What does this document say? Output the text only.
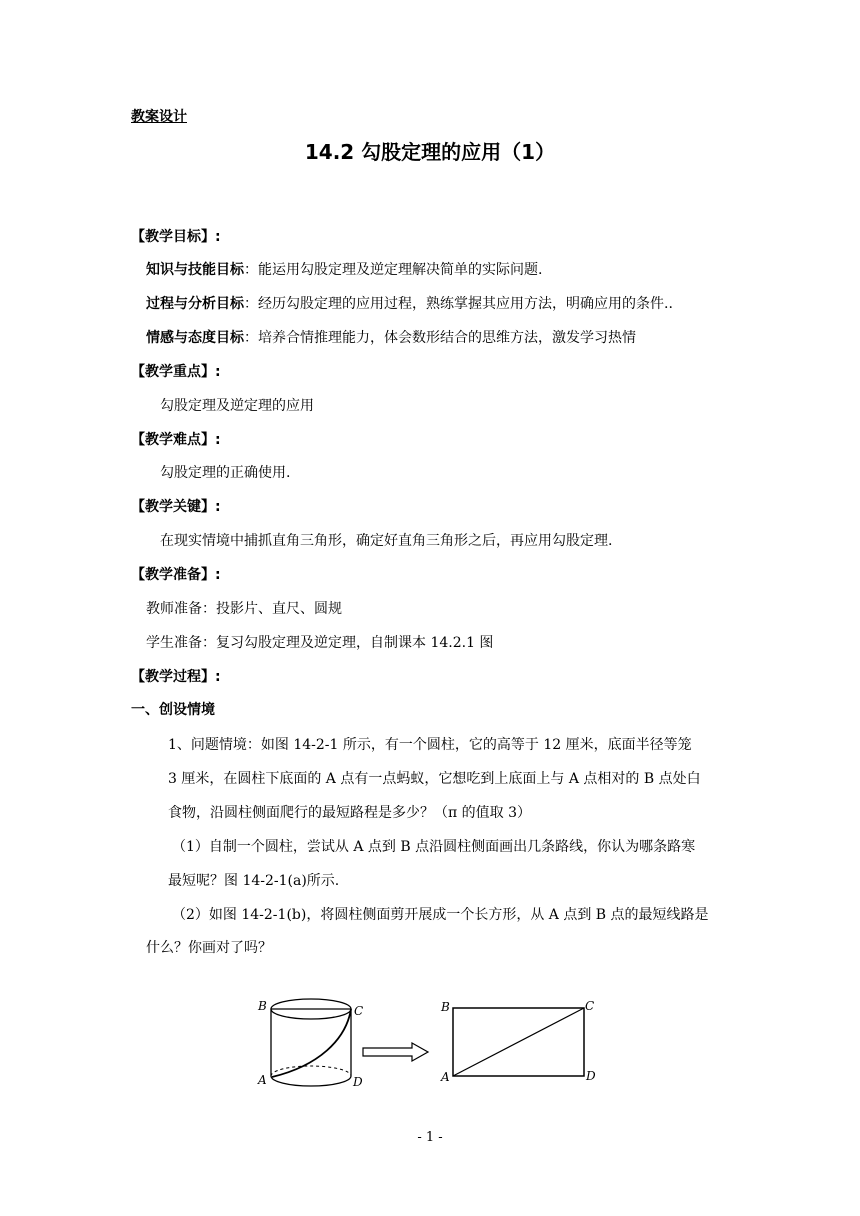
教案设计
14.2 勾股定理的应用（1）
【教学目标】:
知识与技能目标：能运用勾股定理及逆定理解决简单的实际问题.
过程与分析目标：经历勾股定理的应用过程，熟练掌握其应用方法，明确应用的条件..
情感与态度目标：培养合情推理能力，体会数形结合的思维方法，激发学习热情
【教学重点】:
勾股定理及逆定理的应用
【教学难点】:
勾股定理的正确使用.
【教学关键】:
在现实情境中捕抓直角三角形，确定好直角三角形之后，再应用勾股定理.
【教学准备】:
教师准备：投影片、直尺、圆规
学生准备：复习勾股定理及逆定理，自制课本 14.2.1 图
【教学过程】:
一、创设情境
1、问题情境：如图 14-2-1 所示，有一个圆柱，它的高等于 12 厘米，底面半径等笼
3 厘米，在圆柱下底面的 A 点有一点蚂蚁，它想吃到上底面上与 A 点相对的 B 点处白
食物，沿圆柱侧面爬行的最短路程是多少？（π 的值取 3）
（1）自制一个圆柱，尝试从 A 点到 B 点沿圆柱侧面画出几条路线，你认为哪条路寒
最短呢？图 14-2-1(a)所示.
（2）如图 14-2-1(b)，将圆柱侧面剪开展成一个长方形，从 A 点到 B 点的最短线路是
什么？你画对了吗？
B	C
A	D
B	C
A	D
- 1 -
